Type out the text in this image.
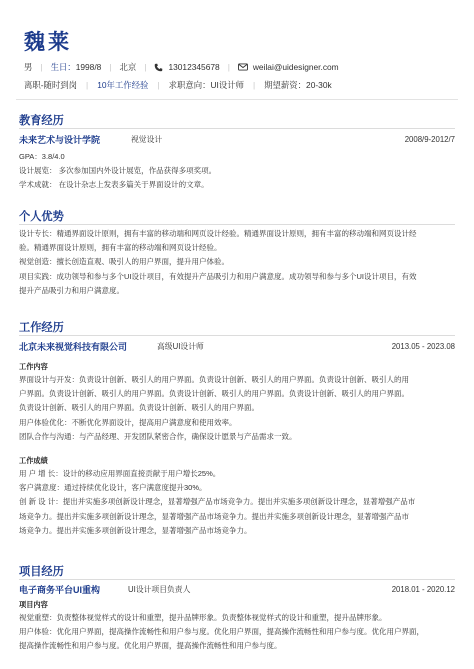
魏莱
男 | 生日： 1998/8 | 北京 |	13012345678 |	weilai@uidesigner.com
离职-随时到岗 | 10年工作经验 | 求职意向：UI设计师 | 期望薪资：20-30k
教育经历
未来艺术与设计学院	视觉设计	2008/9-2012/7
GPA：3.8/4.0
设计展览： 多次参加国内外设计展览，作品获得多项奖项。
学术成就： 在设计杂志上发表多篇关于界面设计的文章。
个人优势
设计专长：精通界面设计原则，拥有丰富的移动端和网页设计经验。精通界面设计原则，拥有丰富的移动端和网页设计经
验。精通界面设计原则，拥有丰富的移动端和网页设计经验。
视觉创造：擅长创造直观、吸引人的用户界面，提升用户体验。
项目实践：成功领导和参与多个UI设计项目，有效提升产品吸引力和用户满意度。成功领导和参与多个UI设计项目，有效
提升产品吸引力和用户满意度。
工作经历
北京未来视觉科技有限公司	高级UI设计师	2013.05 - 2023.08
工作内容
界面设计与开发：负责设计创新、吸引人的用户界面。负责设计创新、吸引人的用户界面。负责设计创新、吸引人的用
户界面。负责设计创新、吸引人的用户界面。负责设计创新、吸引人的用户界面。负责设计创新、吸引人的用户界面。
负责设计创新、吸引人的用户界面。负责设计创新、吸引人的用户界面。
用户体验优化：不断优化界面设计，提高用户满意度和使用效率。
团队合作与沟通：与产品经理、开发团队紧密合作，确保设计愿景与产品需求一致。
工作成绩
用 户 增 长：设计的移动应用界面直接贡献于用户增长25%。
客户满意度：通过持续优化设计，客户满意度提升30%。
创 新 设 计：提出并实施多项创新设计理念，显著增强产品市场竞争力。提出并实施多项创新设计理念，显著增强产品市
场竞争力。提出并实施多项创新设计理念，显著增强产品市场竞争力。提出并实施多项创新设计理念，显著增强产品市
场竞争力。提出并实施多项创新设计理念，显著增强产品市场竞争力。
项目经历
电子商务平台UI重构	UI设计项目负责人	2018.01 - 2020.12
项目内容
视觉重塑：负责整体视觉样式的设计和重塑，提升品牌形象。负责整体视觉样式的设计和重塑，提升品牌形象。
用户体验：优化用户界面，提高操作流畅性和用户参与度。优化用户界面，提高操作流畅性和用户参与度。优化用户界面，
提高操作流畅性和用户参与度。优化用户界面，提高操作流畅性和用户参与度。
